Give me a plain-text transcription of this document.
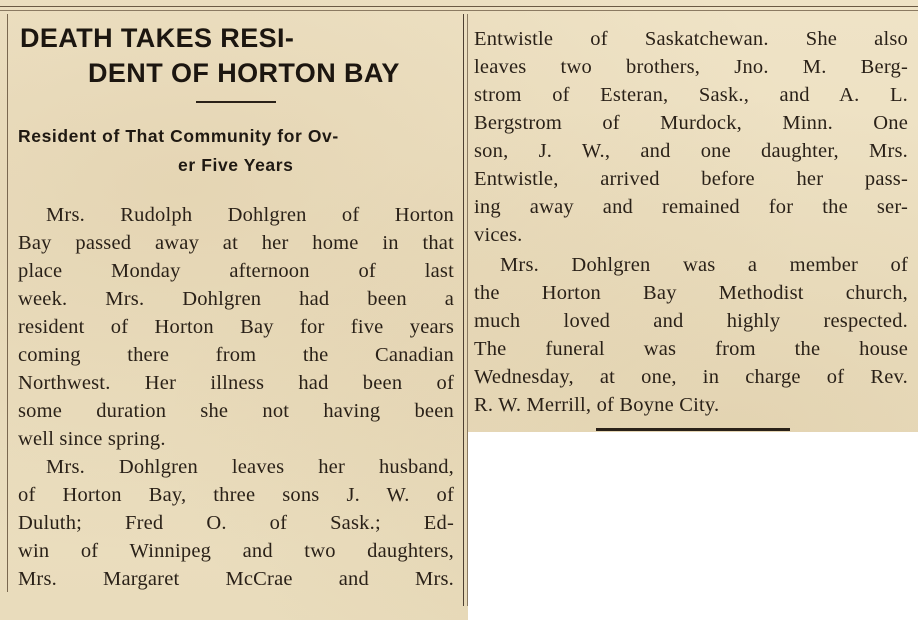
DEATH TAKES RESI-
DENT OF HORTON BAY
Resident of That Community for Ov-
er Five Years
Mrs. Rudolph Dohlgren of Horton
Bay passed away at her home in that
place Monday afternoon of last
week. Mrs. Dohlgren had been a
resident of Horton Bay for five years
coming there from the Canadian
Northwest. Her illness had been of
some duration she not having been
well since spring.
Mrs. Dohlgren leaves her husband,
of Horton Bay, three sons J. W. of
Duluth; Fred O. of Sask.; Ed-
win of Winnipeg and two daughters,
Mrs. Margaret McCrae and Mrs.
Entwistle of Saskatchewan. She also
leaves two brothers, Jno. M. Berg-
strom of Esteran, Sask., and A. L.
Bergstrom of Murdock, Minn. One
son, J. W., and one daughter, Mrs.
Entwistle, arrived before her pass-
ing away and remained for the ser-
vices.
Mrs. Dohlgren was a member of
the Horton Bay Methodist church,
much loved and highly respected.
The funeral was from the house
Wednesday, at one, in charge of Rev.
R. W. Merrill, of Boyne City.
